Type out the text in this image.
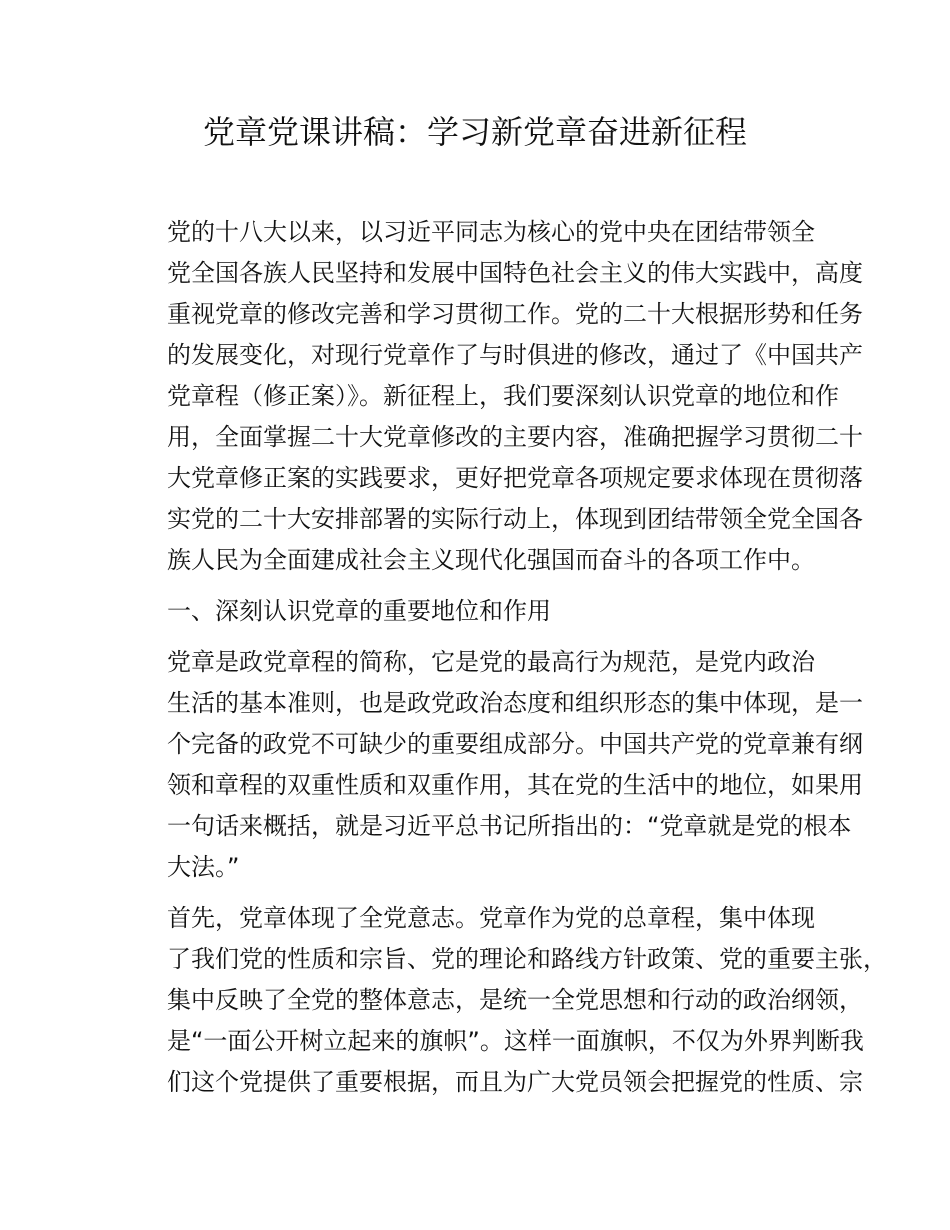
党章党课讲稿：学习新党章奋进新征程

党的十八大以来，以习近平同志为核心的党中央在团结带领全
党全国各族人民坚持和发展中国特色社会主义的伟大实践中，高度
重视党章的修改完善和学习贯彻工作。党的二十大根据形势和任务
的发展变化，对现行党章作了与时俱进的修改，通过了《中国共产
党章程（修正案）》。新征程上，我们要深刻认识党章的地位和作
用，全面掌握二十大党章修改的主要内容，准确把握学习贯彻二十
大党章修正案的实践要求，更好把党章各项规定要求体现在贯彻落
实党的二十大安排部署的实际行动上，体现到团结带领全党全国各
族人民为全面建成社会主义现代化强国而奋斗的各项工作中。

一、深刻认识党章的重要地位和作用

党章是政党章程的简称，它是党的最高行为规范，是党内政治
生活的基本准则，也是政党政治态度和组织形态的集中体现，是一
个完备的政党不可缺少的重要组成部分。中国共产党的党章兼有纲
领和章程的双重性质和双重作用，其在党的生活中的地位，如果用
一句话来概括，就是习近平总书记所指出的：“党章就是党的根本
大法。”

首先，党章体现了全党意志。党章作为党的总章程，集中体现
了我们党的性质和宗旨、党的理论和路线方针政策、党的重要主张，
集中反映了全党的整体意志，是统一全党思想和行动的政治纲领，
是“一面公开树立起来的旗帜”。这样一面旗帜，不仅为外界判断我
们这个党提供了重要根据，而且为广大党员领会把握党的性质、宗
